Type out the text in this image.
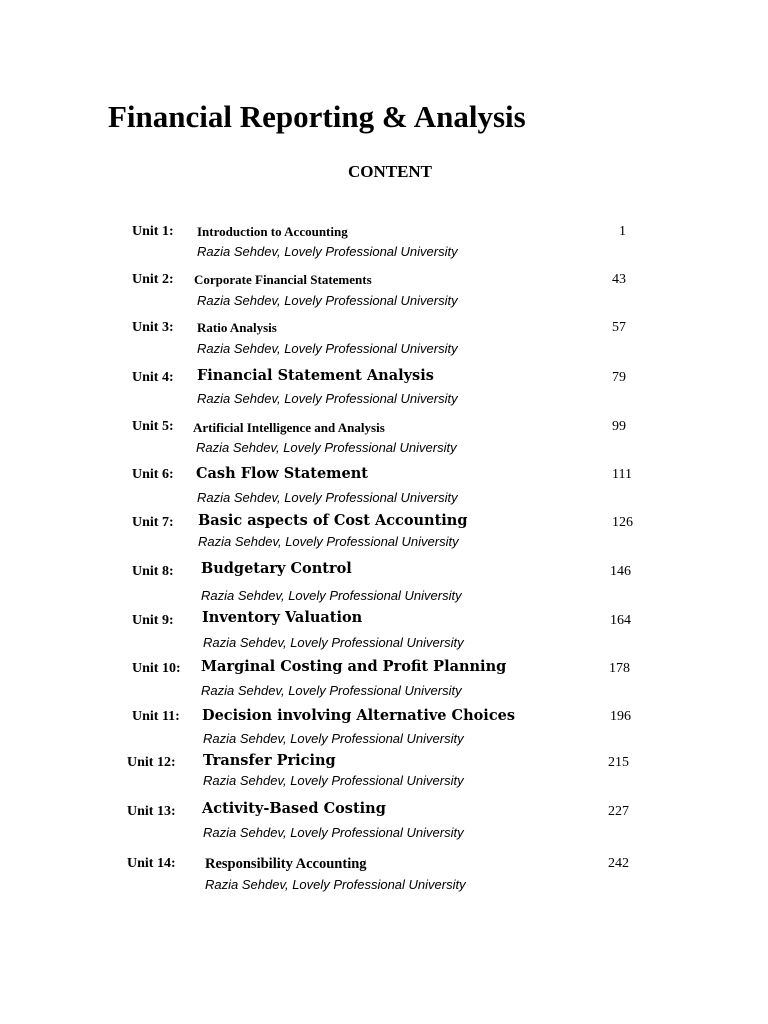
Financial Reporting & Analysis
CONTENT
Unit 1: Introduction to Accounting
Razia Sehdev, Lovely Professional University
1
Unit 2: Corporate Financial Statements
Razia Sehdev, Lovely Professional University
43
Unit 3: Ratio Analysis
Razia Sehdev, Lovely Professional University
57
Unit 4: Financial Statement Analysis
Razia Sehdev, Lovely Professional University
79
Unit 5: Artificial Intelligence and Analysis
Razia Sehdev, Lovely Professional University
99
Unit 6: Cash Flow Statement
Razia Sehdev, Lovely Professional University
111
Unit 7: Basic aspects of Cost Accounting
Razia Sehdev, Lovely Professional University
126
Unit 8: Budgetary Control
Razia Sehdev, Lovely Professional University
146
Unit 9: Inventory Valuation
Razia Sehdev, Lovely Professional University
164
Unit 10: Marginal Costing and Profit Planning
Razia Sehdev, Lovely Professional University
178
Unit 11: Decision involving Alternative Choices
Razia Sehdev, Lovely Professional University
196
Unit 12: Transfer Pricing
Razia Sehdev, Lovely Professional University
215
Unit 13: Activity-Based Costing
Razia Sehdev, Lovely Professional University
227
Unit 14: Responsibility Accounting
Razia Sehdev, Lovely Professional University
242
